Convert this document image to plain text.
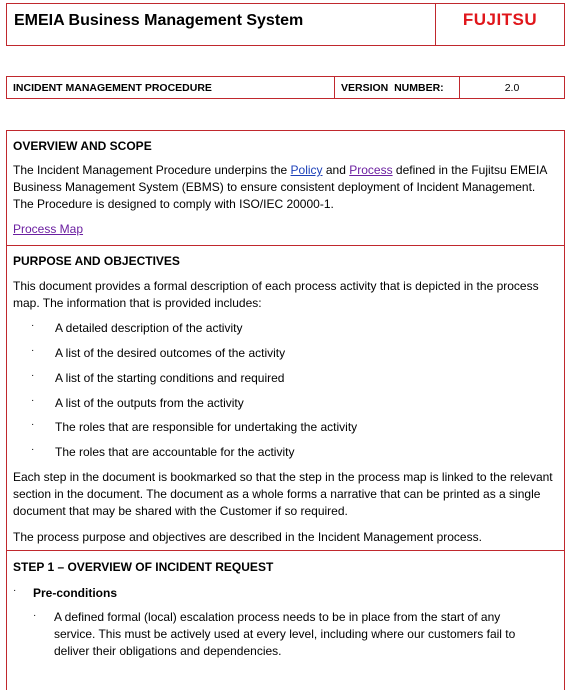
EMEIA Business Management System	FUJITSU
INCIDENT MANAGEMENT PROCEDURE	VERSION  NUMBER:	2.0
OVERVIEW AND SCOPE
The Incident Management Procedure underpins the Policy and Process defined in the Fujitsu EMEIA Business Management System (EBMS) to ensure consistent deployment of Incident Management. The Procedure is designed to comply with ISO/IEC 20000-1.
Process Map
PURPOSE AND OBJECTIVES
This document provides a formal description of each process activity that is depicted in the process map. The information that is provided includes:
· A detailed description of the activity
· A list of the desired outcomes of the activity
· A list of the starting conditions and required
· A list of the outputs from the activity
· The roles that are responsible for undertaking the activity
· The roles that are accountable for the activity
Each step in the document is bookmarked so that the step in the process map is linked to the relevant section in the document. The document as a whole forms a narrative that can be printed as a single document that may be shared with the Customer if so required.
The process purpose and objectives are described in the Incident Management process.
STEP 1 – OVERVIEW OF INCIDENT REQUEST
· Pre-conditions
· A defined formal (local) escalation process needs to be in place from the start of any service. This must be actively used at every level, including where our customers fail to deliver their obligations and dependencies.
